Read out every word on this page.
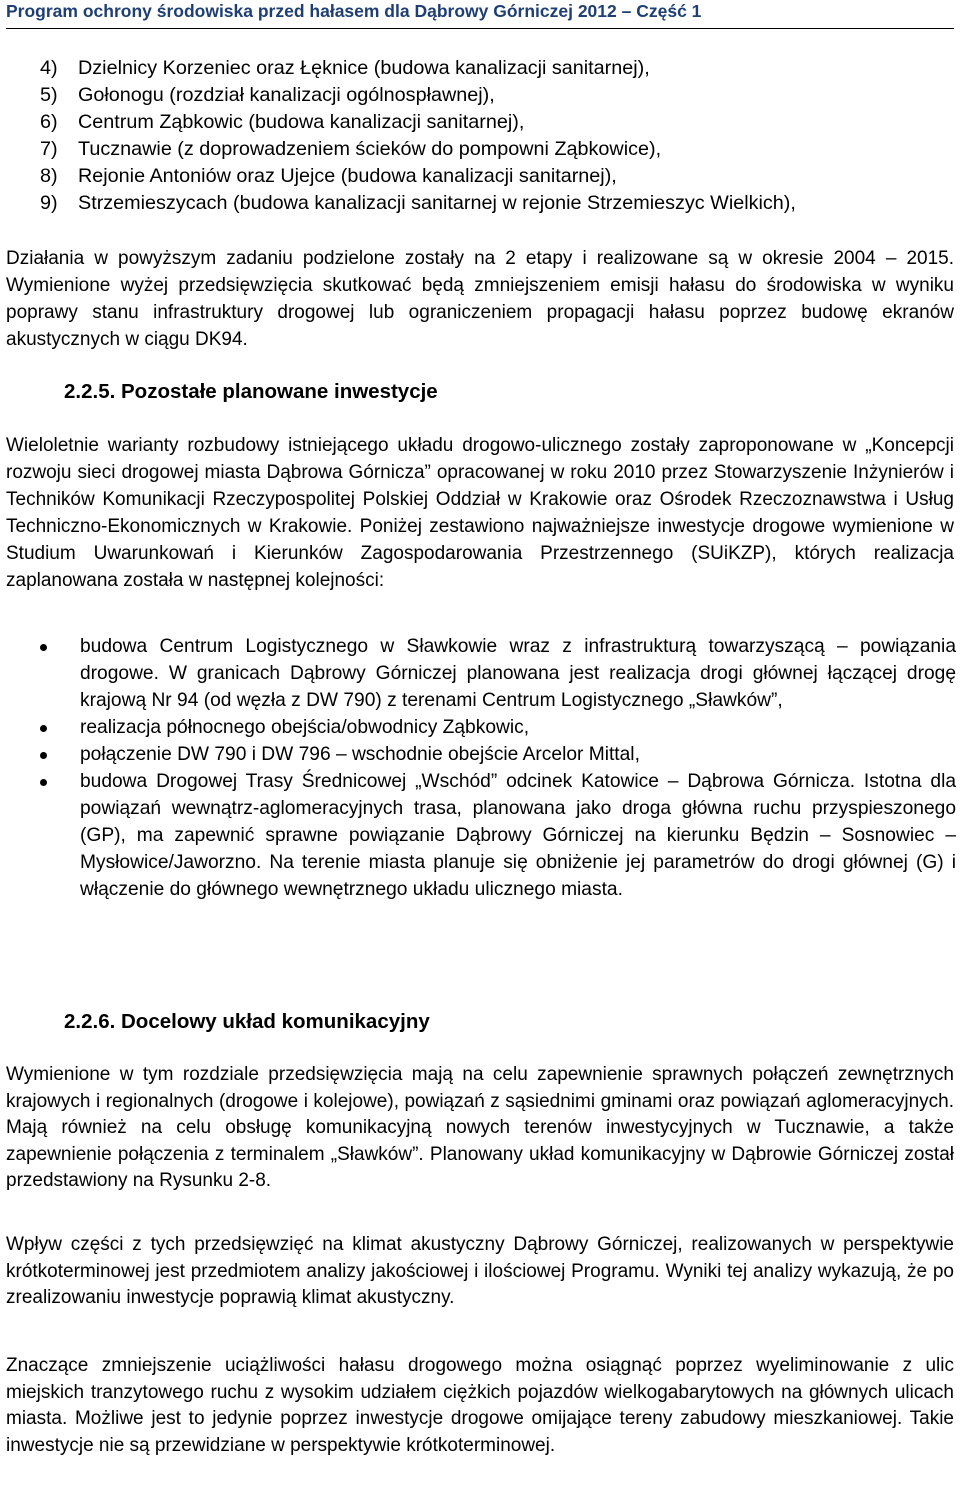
Program ochrony środowiska przed hałasem dla Dąbrowy Górniczej 2012 – Część 1
4) Dzielnicy Korzeniec oraz Łęknice (budowa kanalizacji sanitarnej),
5) Gołonogu (rozdział kanalizacji ogólnospławnej),
6) Centrum Ząbkowic (budowa kanalizacji sanitarnej),
7) Tucznawie (z doprowadzeniem ścieków do pompowni Ząbkowice),
8) Rejonie Antoniów oraz Ujejce (budowa kanalizacji sanitarnej),
9) Strzemieszycach (budowa kanalizacji sanitarnej w rejonie Strzemieszyc Wielkich),
Działania w powyższym zadaniu podzielone zostały na 2 etapy i realizowane są w okresie 2004 – 2015. Wymienione wyżej przedsięwzięcia skutkować będą zmniejszeniem emisji hałasu do środowiska w wyniku poprawy stanu infrastruktury drogowej lub ograniczeniem propagacji hałasu poprzez budowę ekranów akustycznych w ciągu DK94.
2.2.5. Pozostałe planowane inwestycje
Wieloletnie warianty rozbudowy istniejącego układu drogowo-ulicznego zostały zaproponowane w „Koncepcji rozwoju sieci drogowej miasta Dąbrowa Górnicza” opracowanej w roku 2010 przez Stowarzyszenie Inżynierów i Techników Komunikacji Rzeczypospolitej Polskiej Oddział w Krakowie oraz Ośrodek Rzeczoznawstwa i Usług Techniczno-Ekonomicznych w Krakowie. Poniżej zestawiono najważniejsze inwestycje drogowe wymienione w Studium Uwarunkowań i Kierunków Zagospodarowania Przestrzennego (SUiKZP), których realizacja zaplanowana została w następnej kolejności:
budowa Centrum Logistycznego w Sławkowie wraz z infrastrukturą towarzyszącą – powiązania drogowe. W granicach Dąbrowy Górniczej planowana jest realizacja drogi głównej łączącej drogę krajową Nr 94 (od węzła z DW 790) z terenami Centrum Logistycznego „Sławków”,
realizacja północnego obejścia/obwodnicy Ząbkowic,
połączenie DW 790 i DW 796 – wschodnie obejście Arcelor Mittal,
budowa Drogowej Trasy Średnicowej „Wschód” odcinek Katowice – Dąbrowa Górnicza. Istotna dla powiązań wewnątrz-aglomeracyjnych trasa, planowana jako droga główna ruchu przyspieszonego (GP), ma zapewnić sprawne powiązanie Dąbrowy Górniczej na kierunku Będzin – Sosnowiec – Mysłowice/Jaworzno. Na terenie miasta planuje się obniżenie jej parametrów do drogi głównej (G) i włączenie do głównego wewnętrznego układu ulicznego miasta.
2.2.6. Docelowy układ komunikacyjny
Wymienione w tym rozdziale przedsięwzięcia mają na celu zapewnienie sprawnych połączeń zewnętrznych krajowych i regionalnych (drogowe i kolejowe), powiązań z sąsiednimi gminami oraz powiązań aglomeracyjnych. Mają również na celu obsługę komunikacyjną nowych terenów inwestycyjnych w Tucznawie, a także zapewnienie połączenia z terminalem „Sławków”. Planowany układ komunikacyjny w Dąbrowie Górniczej został przedstawiony na Rysunku 2-8.
Wpływ części z tych przedsięwzięć na klimat akustyczny Dąbrowy Górniczej, realizowanych w perspektywie krótkoterminowej jest przedmiotem analizy jakościowej i ilościowej Programu. Wyniki tej analizy wykazują, że po zrealizowaniu inwestycje poprawią klimat akustyczny.
Znaczące zmniejszenie uciążliwości hałasu drogowego można osiągnąć poprzez wyeliminowanie z ulic miejskich tranzytowego ruchu z wysokim udziałem ciężkich pojazdów wielkogabarytowych na głównych ulicach miasta. Możliwe jest to jedynie poprzez inwestycje drogowe omijające tereny zabudowy mieszkaniowej. Takie inwestycje nie są przewidziane w perspektywie krótkoterminowej.
